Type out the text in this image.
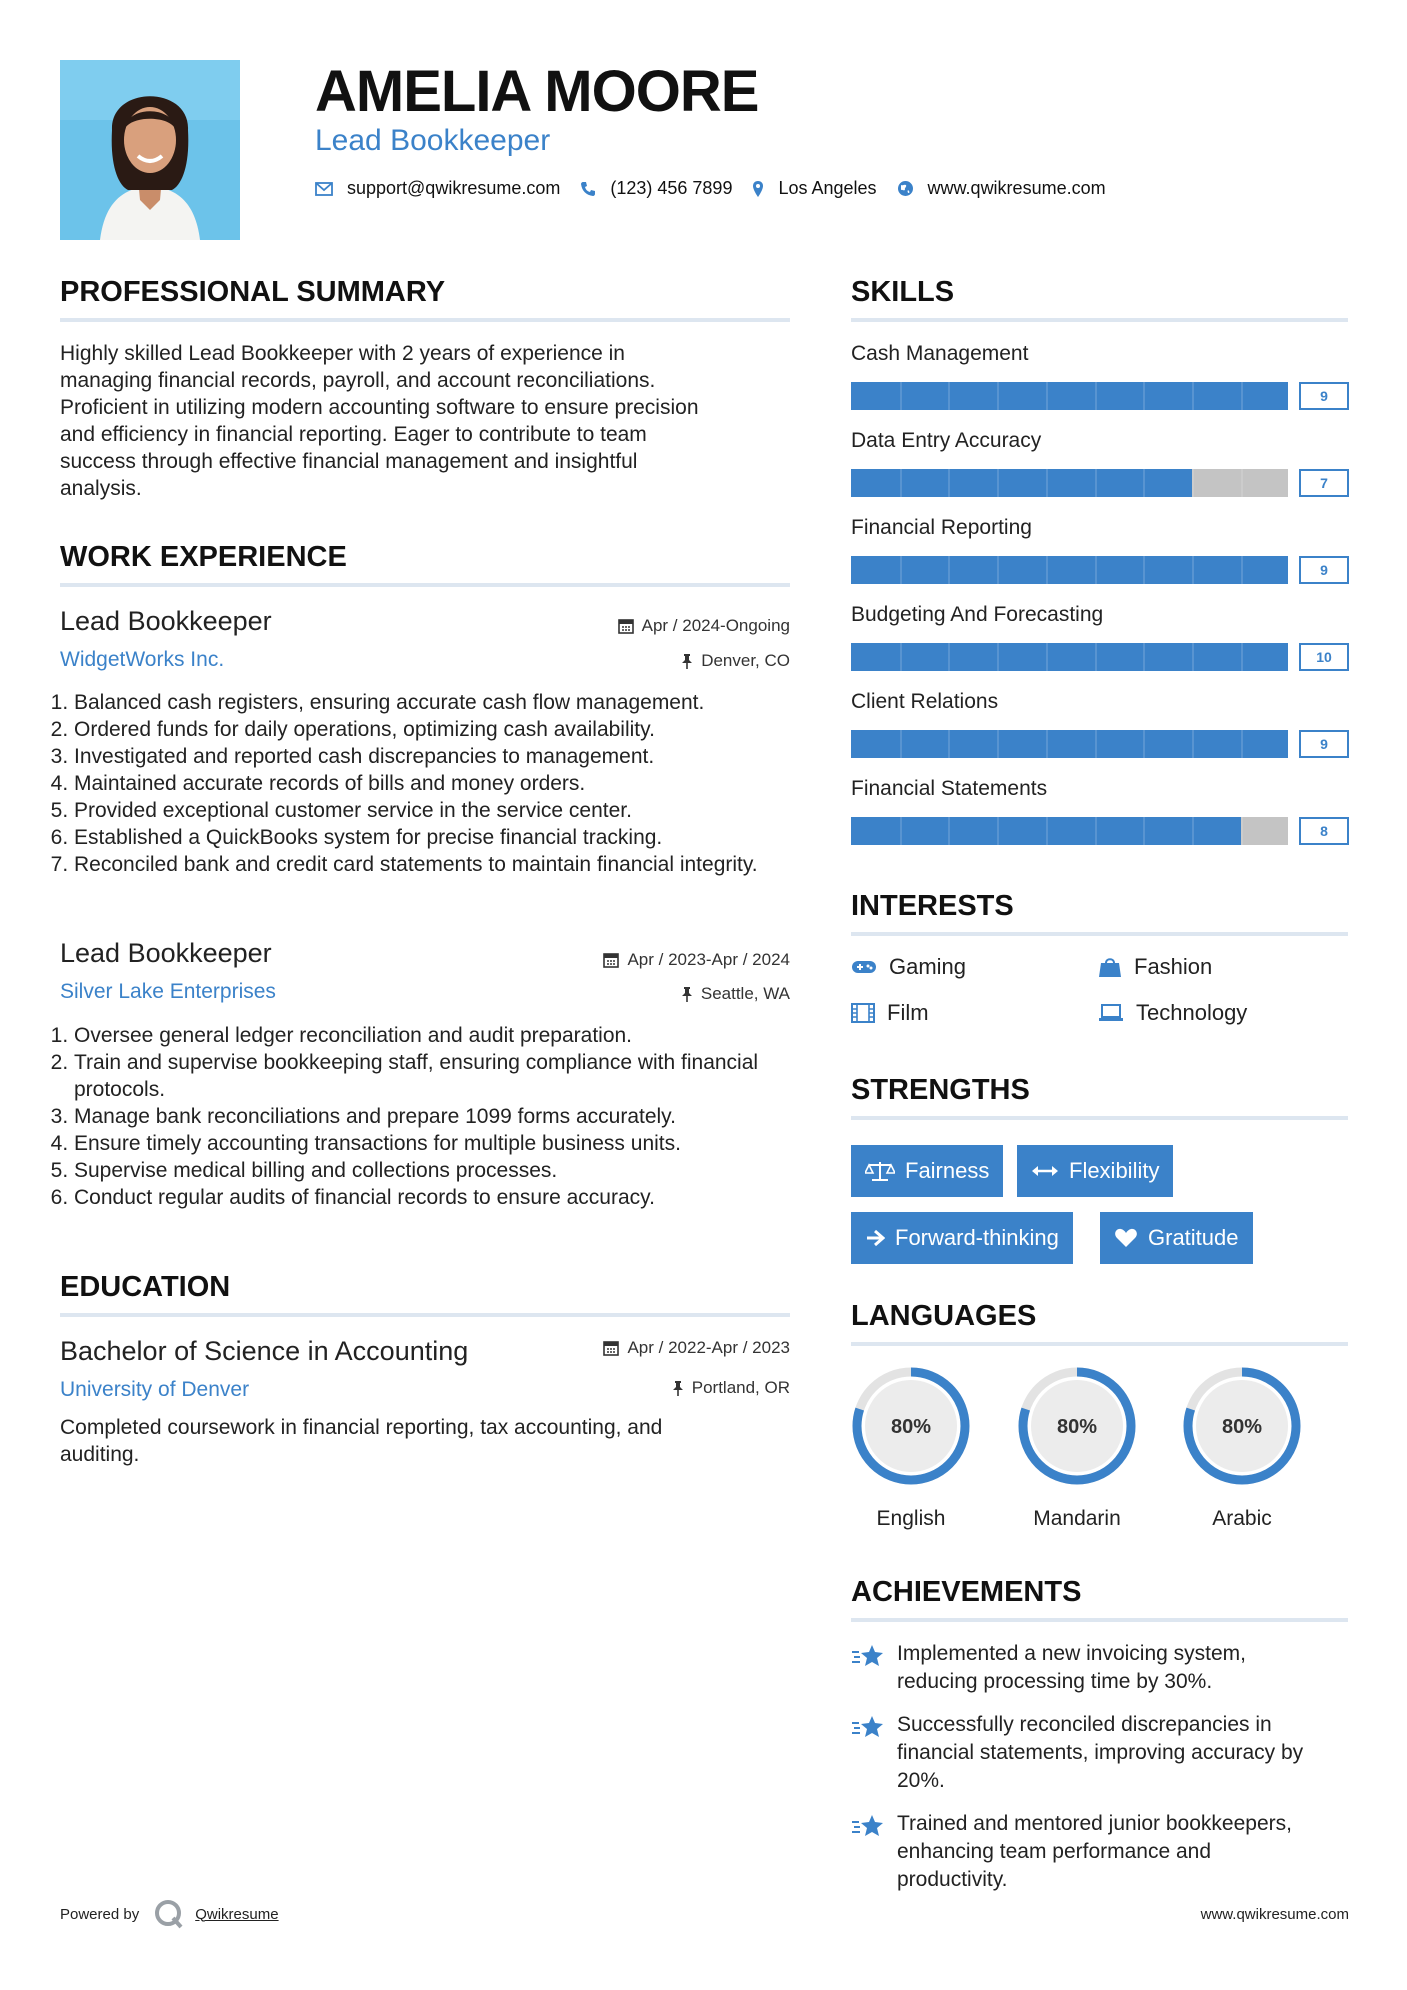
AMELIA MOORE
Lead Bookkeeper
support@qwikresume.com	(123) 456 7899	Los Angeles	www.qwikresume.com
PROFESSIONAL SUMMARY
Highly skilled Lead Bookkeeper with 2 years of experience in
managing financial records, payroll, and account reconciliations.
Proficient in utilizing modern accounting software to ensure precision
and efficiency in financial reporting. Eager to contribute to team
success through effective financial management and insightful
analysis.
WORK EXPERIENCE
Lead Bookkeeper
WidgetWorks Inc.
Apr / 2024-Ongoing
Denver, CO
1. Balanced cash registers, ensuring accurate cash flow management.
2. Ordered funds for daily operations, optimizing cash availability.
3. Investigated and reported cash discrepancies to management.
4. Maintained accurate records of bills and money orders.
5. Provided exceptional customer service in the service center.
6. Established a QuickBooks system for precise financial tracking.
7. Reconciled bank and credit card statements to maintain financial integrity.
Lead Bookkeeper
Silver Lake Enterprises
Apr / 2023-Apr / 2024
Seattle, WA
1. Oversee general ledger reconciliation and audit preparation.
2. Train and supervise bookkeeping staff, ensuring compliance with financial protocols.
3. Manage bank reconciliations and prepare 1099 forms accurately.
4. Ensure timely accounting transactions for multiple business units.
5. Supervise medical billing and collections processes.
6. Conduct regular audits of financial records to ensure accuracy.
EDUCATION
Bachelor of Science in Accounting
University of Denver
Apr / 2022-Apr / 2023
Portland, OR
Completed coursework in financial reporting, tax accounting, and
auditing.
SKILLS
Cash Management
9
Data Entry Accuracy
7
Financial Reporting
9
Budgeting And Forecasting
10
Client Relations
9
Financial Statements
8
INTERESTS
Gaming	Fashion
Film	Technology
STRENGTHS
Fairness	Flexibility
Forward-thinking	Gratitude
LANGUAGES
80%
English
80%
Mandarin
80%
Arabic
ACHIEVEMENTS
Implemented a new invoicing system,
reducing processing time by 30%.
Successfully reconciled discrepancies in
financial statements, improving accuracy by
20%.
Trained and mentored junior bookkeepers,
enhancing team performance and
productivity.
Powered by	Qwikresume	www.qwikresume.com
